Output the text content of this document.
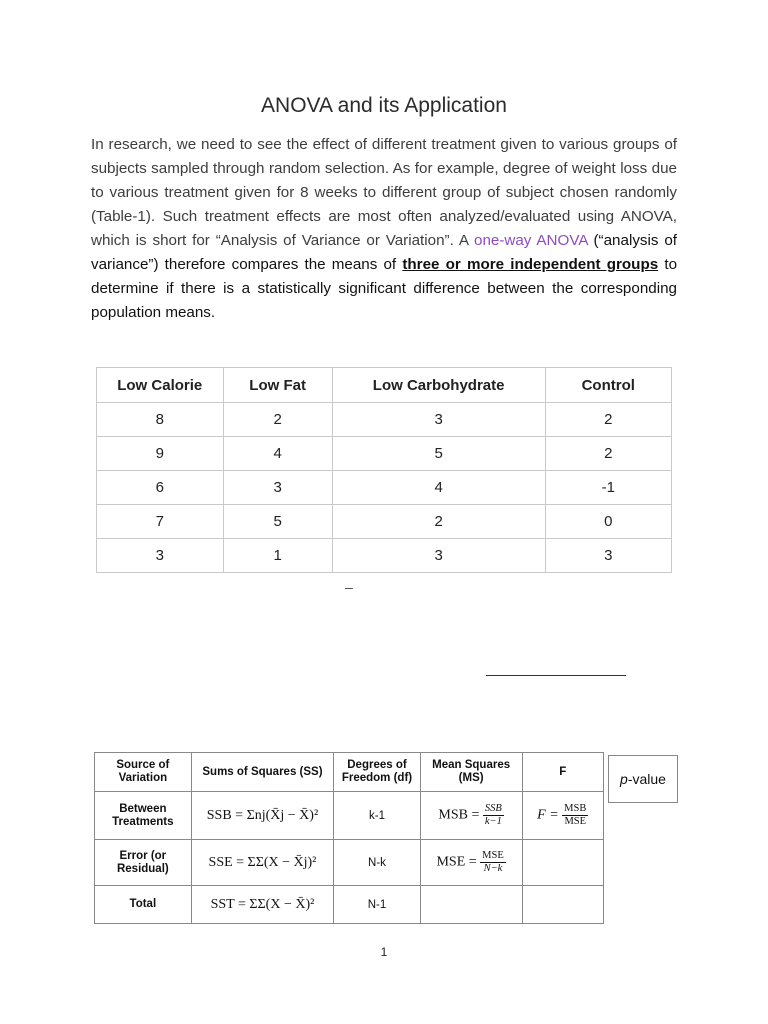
ANOVA and its Application

In research, we need to see the effect of different treatment given to various groups of subjects sampled through random selection. As for example, degree of weight loss due to various treatment given for 8 weeks to different group of subject chosen randomly (Table-1). Such treatment effects are most often analyzed/evaluated using ANOVA, which is short for “Analysis of Variance or Variation”. A one-way ANOVA (“analysis of variance”) therefore compares the means of three or more independent groups to determine if there is a statistically significant difference between the corresponding population means.

Low Calorie	Low Fat	Low Carbohydrate	Control
8	2	3	2
9	4	5	2
6	3	4	-1
7	5	2	0
3	1	3	3
Source of Variation	Sums of Squares (SS)	Degrees of Freedom (df)	Mean Squares (MS)	F
Between Treatments	SSB = Σnj(X̄j − X̄)²	k-1	MSB = $\frac{\text{SSB}}{k-1}$	$F = \frac{\text{MSB}}{\text{MSE}}$

Error (or Residual)	SSE = ΣΣ(X − X̄j)²	N-k	MSE = $\frac{\text{MSE}}{N-k}$

Total	SST = ΣΣ(X − X̄)²	N-1		
p -value
1
